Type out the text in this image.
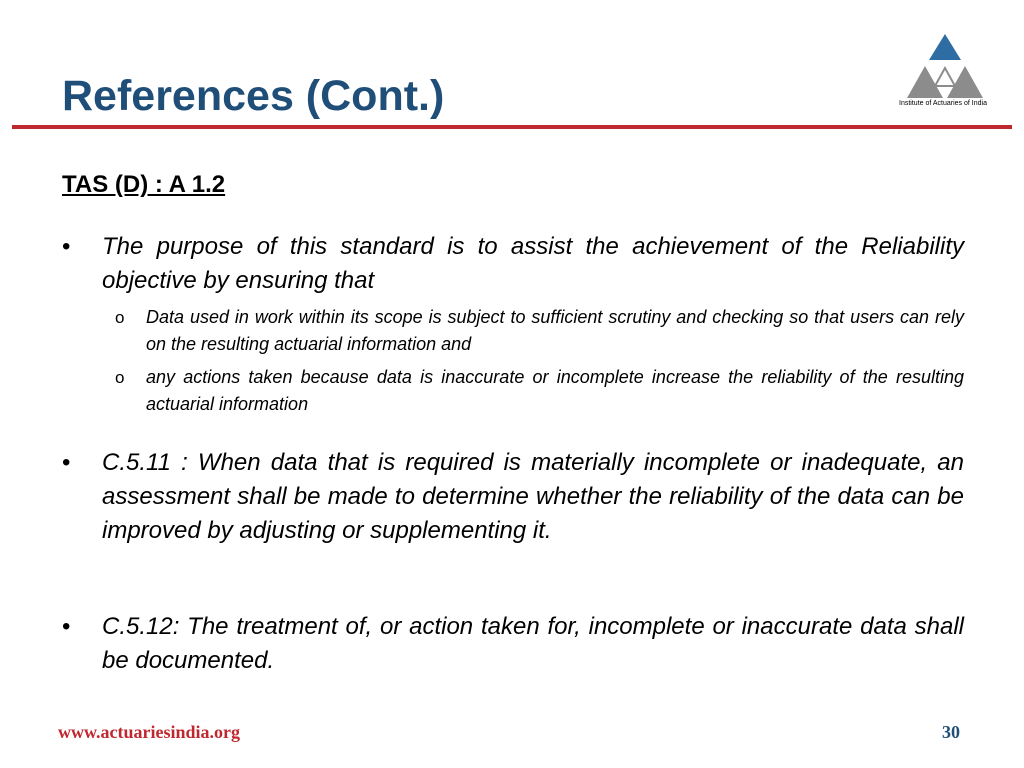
References (Cont.)	Institute of Actuaries of India
TAS (D) : A 1.2
• The purpose of this standard is to assist the achievement of the Reliability objective by ensuring that
o Data used in work within its scope is subject to sufficient scrutiny and checking so that users can rely on the resulting actuarial information and
o any actions taken because data is inaccurate or incomplete increase the reliability of the resulting actuarial information
• C.5.11 : When data that is required is materially incomplete or inadequate, an assessment shall be made to determine whether the reliability of the data can be improved by adjusting or supplementing it.
• C.5.12: The treatment of, or action taken for, incomplete or inaccurate data shall be documented.
www.actuariesindia.org	30
